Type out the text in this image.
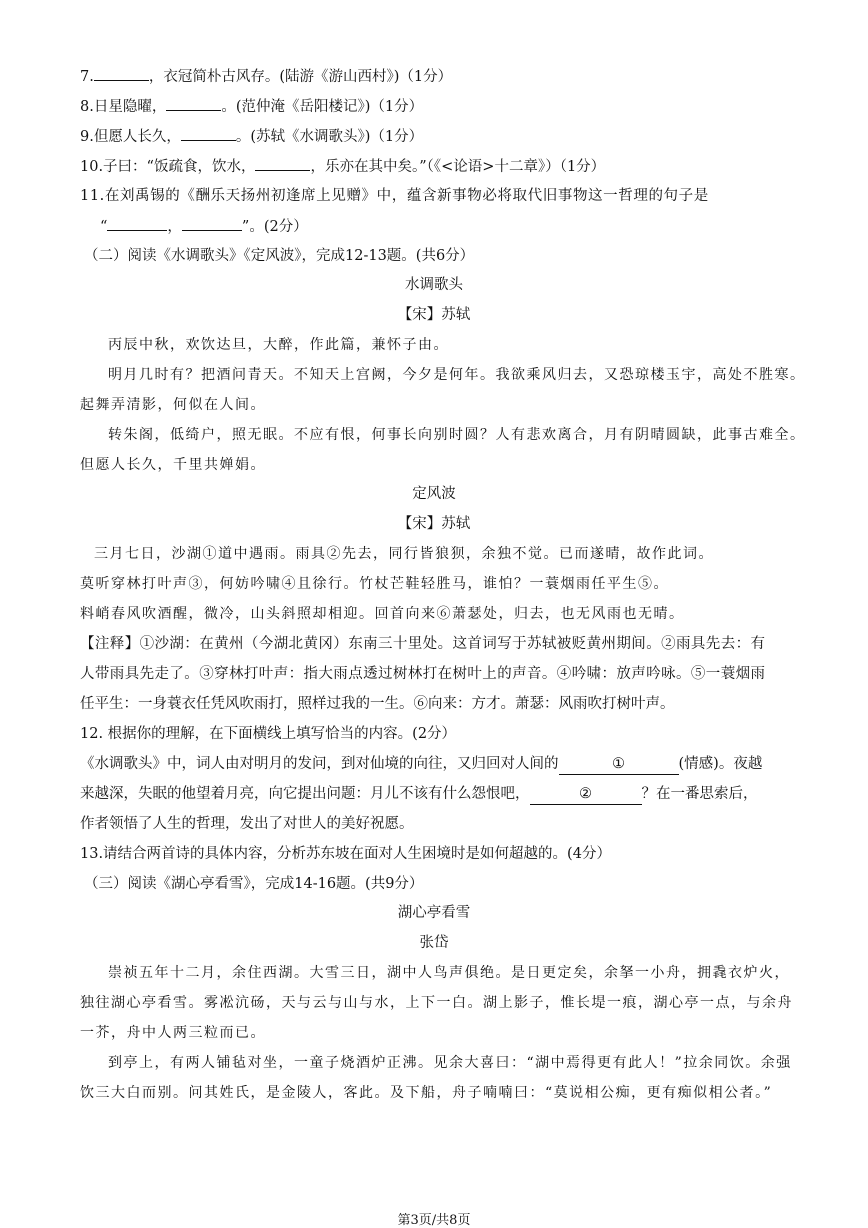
7.	，衣冠简朴古风存。(陆游《游山西村》)（1分）
8.日星隐曜，	。(范仲淹《岳阳楼记》)（1分）
9.但愿人长久，	。(苏轼《水调歌头》)（1分）
10.子曰：“饭疏食，饮水，	，乐亦在其中矣。”（《<论语>十二章》）（1分）
11.在刘禹锡的《酬乐天扬州初逢席上见赠》中，蕴含新事物必将取代旧事物这一哲理的句子是
“	，	”。(2分）
（二）阅读《水调歌头》《定风波》，完成12-13题。(共6分）
水调歌头
【宋】苏轼
丙辰中秋，欢饮达旦，大醉，作此篇，兼怀子由。
明月几时有？把酒问青天。不知天上宫阙，今夕是何年。我欲乘风归去，又恐琼楼玉宇，高处不胜寒。
起舞弄清影，何似在人间。
转朱阁，低绮户，照无眠。不应有恨，何事长向别时圆？人有悲欢离合，月有阴晴圆缺，此事古难全。
但愿人长久，千里共婵娟。
定风波
【宋】苏轼
三月七日，沙湖①道中遇雨。雨具②先去，同行皆狼狈，余独不觉。已而遂晴，故作此词。
莫听穿林打叶声③，何妨吟啸④且徐行。竹杖芒鞋轻胜马，谁怕？一蓑烟雨任平生⑤。
料峭春风吹酒醒，微冷，山头斜照却相迎。回首向来⑥萧瑟处，归去，也无风雨也无晴。
【注释】①沙湖：在黄州（今湖北黄冈）东南三十里处。这首词写于苏轼被贬黄州期间。②雨具先去：有
人带雨具先走了。③穿林打叶声：指大雨点透过树林打在树叶上的声音。④吟啸：放声吟咏。⑤一蓑烟雨
任平生：一身蓑衣任凭风吹雨打，照样过我的一生。⑥向来：方才。萧瑟：风雨吹打树叶声。
12. 根据你的理解，在下面横线上填写恰当的内容。(2分）
《水调歌头》中，词人由对明月的发问，到对仙境的向往，又归回对人间的	①	(情感)。夜越
来越深，失眠的他望着月亮，向它提出问题：月儿不该有什么怨恨吧，	②	？在一番思索后，
作者领悟了人生的哲理，发出了对世人的美好祝愿。
13.请结合两首诗的具体内容，分析苏东坡在面对人生困境时是如何超越的。(4分）
（三）阅读《湖心亭看雪》，完成14-16题。(共9分）
湖心亭看雪
张岱
崇祯五年十二月，余住西湖。大雪三日，湖中人鸟声俱绝。是日更定矣，余拏一小舟，拥毳衣炉火，
独往湖心亭看雪。雾凇沆砀，天与云与山与水，上下一白。湖上影子，惟长堤一痕，湖心亭一点，与余舟
一芥，舟中人两三粒而已。
到亭上，有两人铺毡对坐，一童子烧酒炉正沸。见余大喜曰：“湖中焉得更有此人！”拉余同饮。余强
饮三大白而别。问其姓氏，是金陵人，客此。及下船，舟子喃喃曰：“莫说相公痴，更有痴似相公者。”
第3页/共8页
